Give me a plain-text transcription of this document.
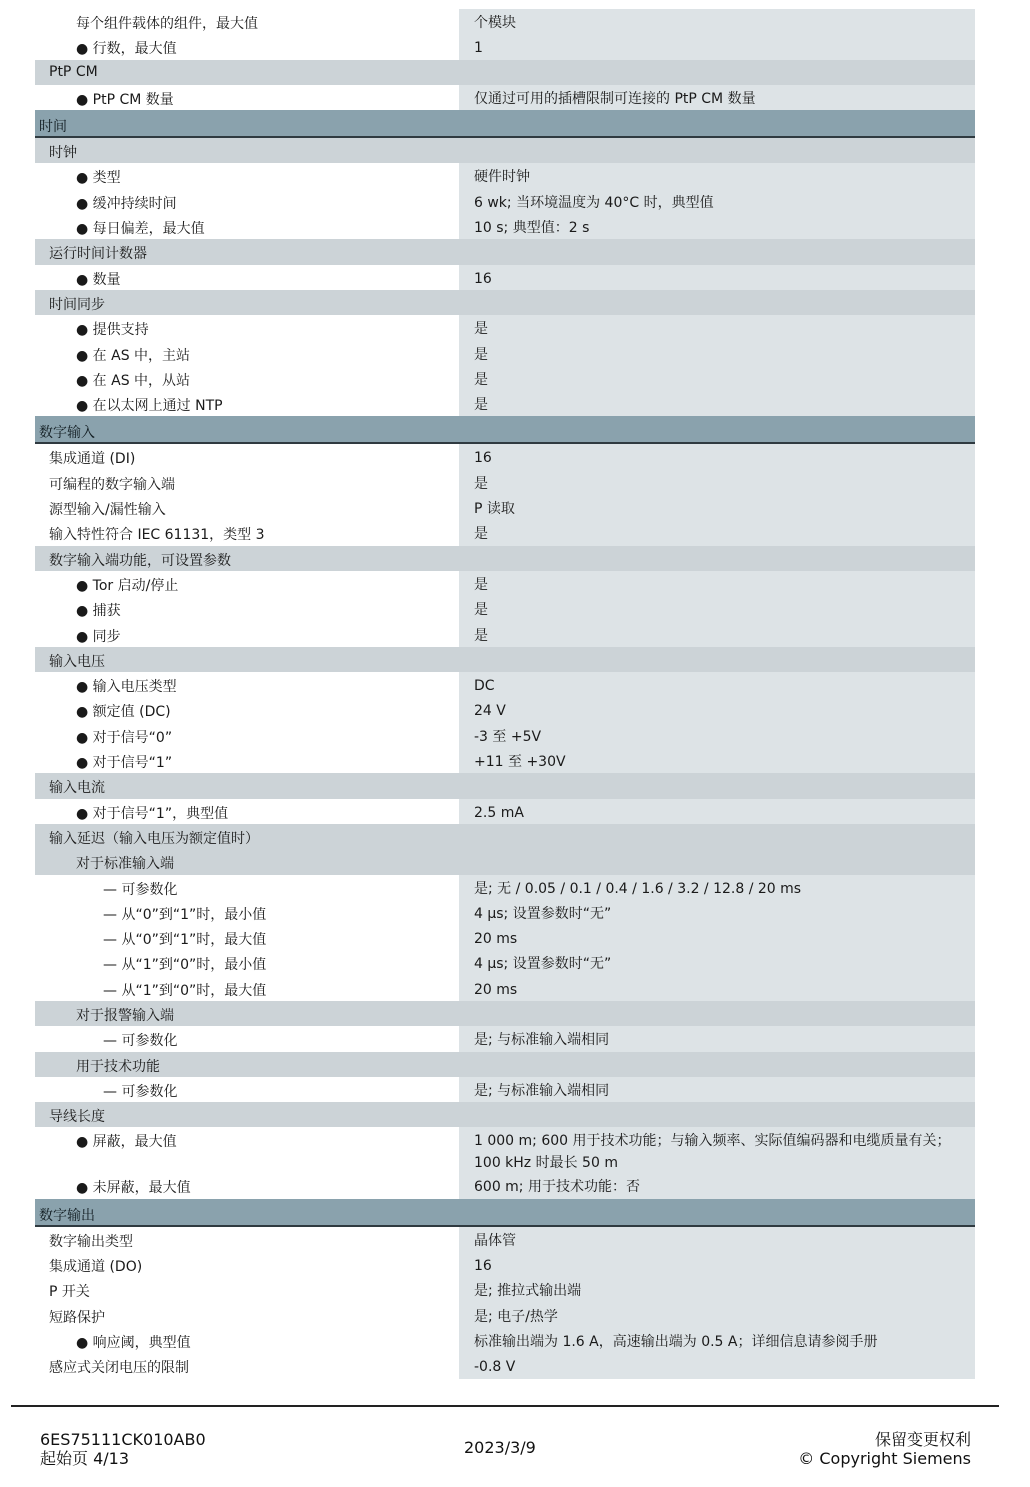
每个组件载体的组件，最大值	个模块
● 行数，最大值	1
PtP CM
● PtP CM 数量	仅通过可用的插槽限制可连接的 PtP CM 数量
时间
时钟
● 类型	硬件时钟
● 缓冲持续时间	6 wk; 当环境温度为 40°C 时，典型值
● 每日偏差，最大值	10 s; 典型值：2 s
运行时间计数器
● 数量	16
时间同步
● 提供支持	是
● 在 AS 中，主站	是
● 在 AS 中，从站	是
● 在以太网上通过 NTP	是
数字输入
集成通道 (DI)	16
可编程的数字输入端	是
源型输入/漏性输入	P 读取
输入特性符合 IEC 61131，类型 3	是
数字输入端功能，可设置参数
● Tor 启动/停止	是
● 捕获	是
● 同步	是
输入电压
● 输入电压类型	DC
● 额定值 (DC)	24 V
● 对于信号“0”	-3 至 +5V
● 对于信号“1”	+11 至 +30V
输入电流
● 对于信号“1”，典型值	2.5 mA
输入延迟（输入电压为额定值时）
对于标准输入端
— 可参数化	是; 无 / 0.05 / 0.1 / 0.4 / 1.6 / 3.2 / 12.8 / 20 ms
— 从“0”到“1”时，最小值	4 µs; 设置参数时“无”
— 从“0”到“1”时，最大值	20 ms
— 从“1”到“0”时，最小值	4 µs; 设置参数时“无”
— 从“1”到“0”时，最大值	20 ms
对于报警输入端
— 可参数化	是; 与标准输入端相同
用于技术功能
— 可参数化	是; 与标准输入端相同
导线长度
● 屏蔽，最大值	1 000 m; 600 用于技术功能；与输入频率、实际值编码器和电缆质量有关；100 kHz 时最长 50 m
● 未屏蔽，最大值	600 m; 用于技术功能：否
数字输出
数字输出类型	晶体管
集成通道 (DO)	16
P 开关	是; 推拉式输出端
短路保护	是; 电子/热学
● 响应阈，典型值	标准输出端为 1.6 A，高速输出端为 0.5 A；详细信息请参阅手册
感应式关闭电压的限制	-0.8 V
6ES75111CK010AB0
起始页 4/13
2023/3/9	保留变更权利
© Copyright Siemens
